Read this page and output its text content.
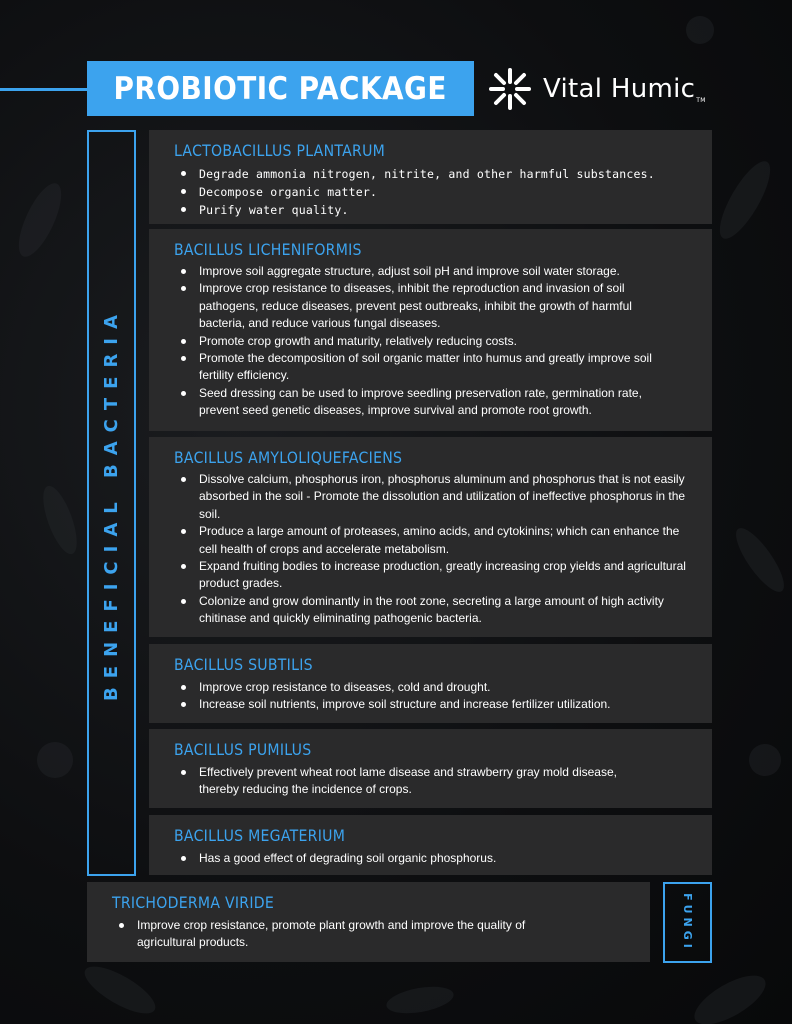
PROBIOTIC PACKAGE	Vital HumicTM
BENEFICIAL BACTERIA
LACTOBACILLUS PLANTARUM
Degrade ammonia nitrogen, nitrite, and other harmful substances.
Decompose organic matter.
Purify water quality.
BACILLUS LICHENIFORMIS
Improve soil aggregate structure, adjust soil pH and improve soil water storage.
Improve crop resistance to diseases, inhibit the reproduction and invasion of soil pathogens, reduce diseases, prevent pest outbreaks, inhibit the growth of harmful bacteria, and reduce various fungal diseases.
Promote crop growth and maturity, relatively reducing costs.
Promote the decomposition of soil organic matter into humus and greatly improve soil fertility efficiency.
Seed dressing can be used to improve seedling preservation rate, germination rate, prevent seed genetic diseases, improve survival and promote root growth.
BACILLUS AMYLOLIQUEFACIENS
Dissolve calcium, phosphorus iron, phosphorus aluminum and phosphorus that is not easily absorbed in the soil - Promote the dissolution and utilization of ineffective phosphorus in the soil.
Produce a large amount of proteases, amino acids, and cytokinins; which can enhance the cell health of crops and accelerate metabolism.
Expand fruiting bodies to increase production, greatly increasing crop yields and agricultural product grades.
Colonize and grow dominantly in the root zone, secreting a large amount of high activity chitinase and quickly eliminating pathogenic bacteria.
BACILLUS SUBTILIS
Improve crop resistance to diseases, cold and drought.
Increase soil nutrients, improve soil structure and increase fertilizer utilization.
BACILLUS PUMILUS
Effectively prevent wheat root lame disease and strawberry gray mold disease, thereby reducing the incidence of crops.
BACILLUS MEGATERIUM
Has a good effect of degrading soil organic phosphorus.
TRICHODERMA VIRIDE
Improve crop resistance, promote plant growth and improve the quality of agricultural products.	FUNGI
